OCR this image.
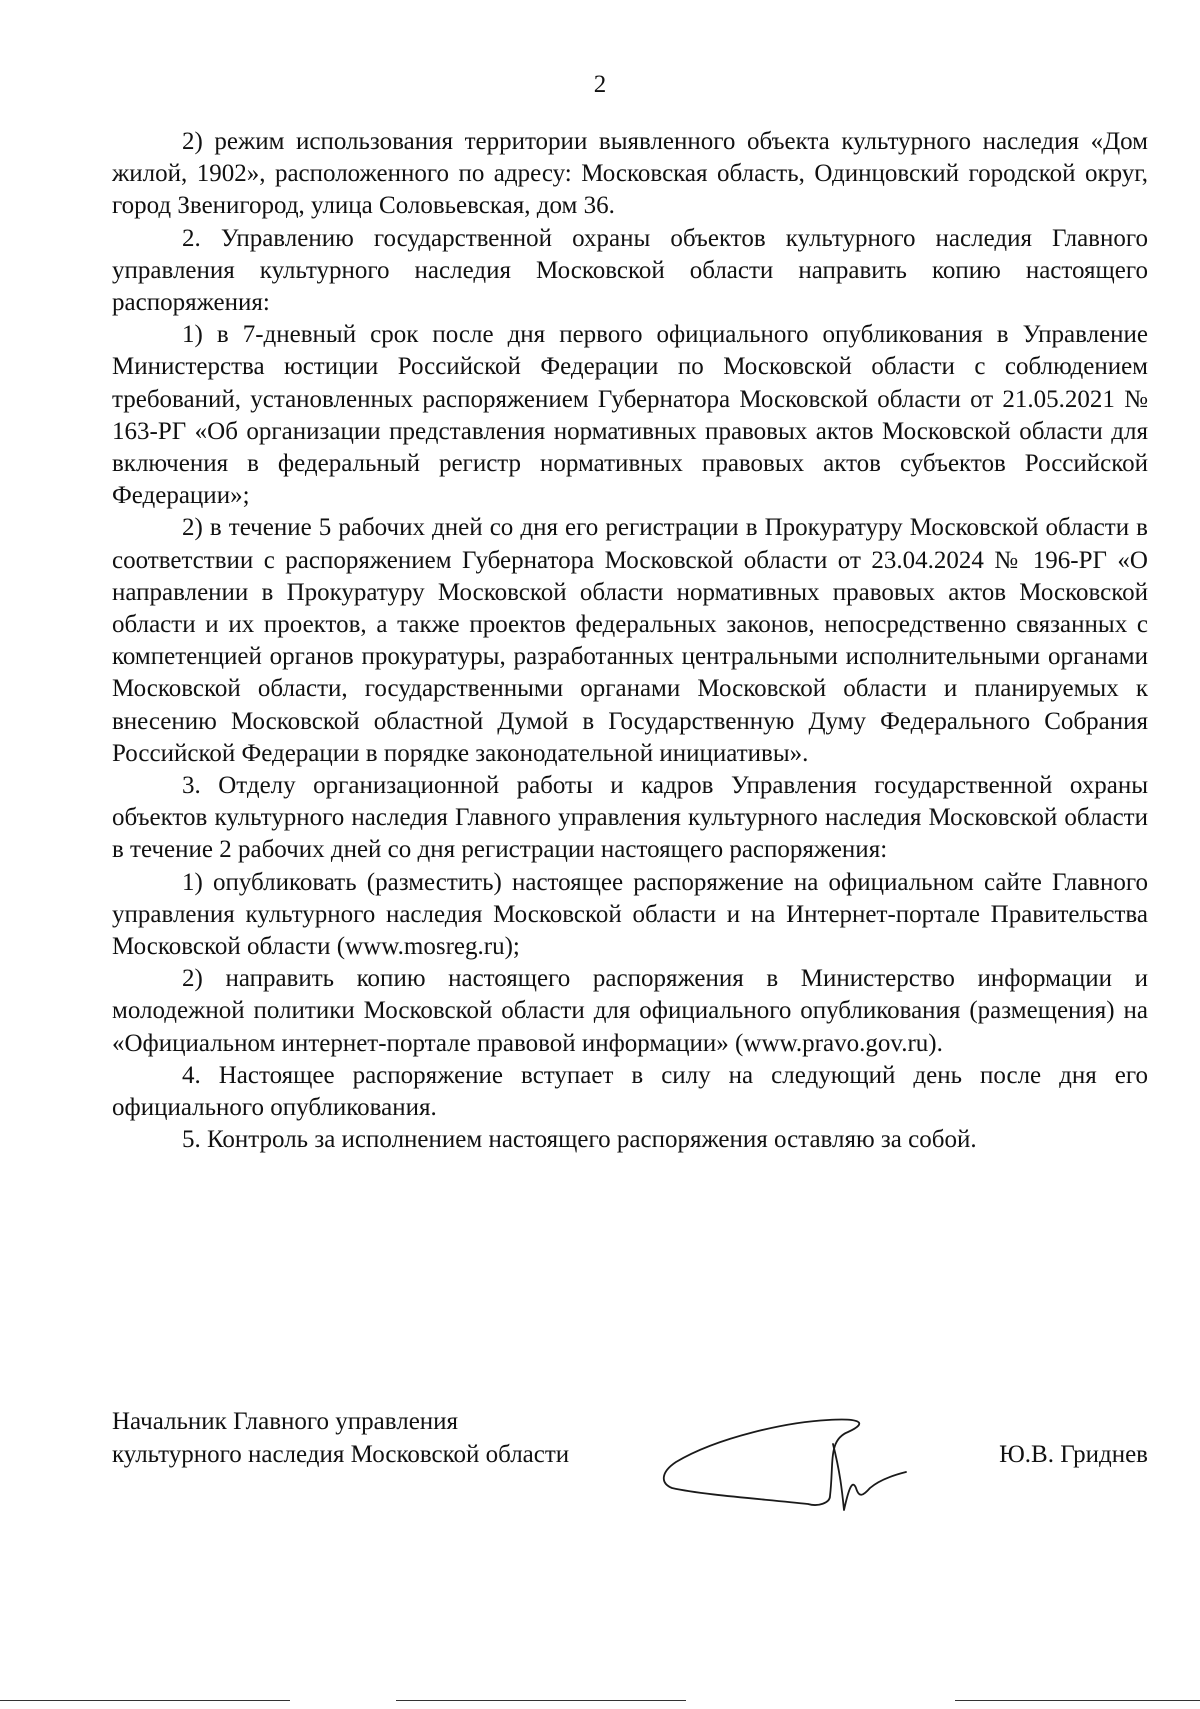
2

2) режим использования территории выявленного объекта культурного наследия «Дом жилой, 1902», расположенного по адресу: Московская область, Одинцовский городской округ, город Звенигород, улица Соловьевская, дом 36.

2. Управлению государственной охраны объектов культурного наследия Главного управления культурного наследия Московской области направить копию настоящего распоряжения:

1) в 7-дневный срок после дня первого официального опубликования в Управление Министерства юстиции Российской Федерации по Московской области с соблюдением требований, установленных распоряжением Губернатора Московской области от 21.05.2021 № 163-РГ «Об организации представления нормативных правовых актов Московской области для включения в федеральный регистр нормативных правовых актов субъектов Российской Федерации»;

2) в течение 5 рабочих дней со дня его регистрации в Прокуратуру Московской области в соответствии с распоряжением Губернатора Московской области от 23.04.2024 № 196-РГ «О направлении в Прокуратуру Московской области нормативных правовых актов Московской области и их проектов, а также проектов федеральных законов, непосредственно связанных с компетенцией органов прокуратуры, разработанных центральными исполнительными органами Московской области, государственными органами Московской области и планируемых к внесению Московской областной Думой в Государственную Думу Федерального Собрания Российской Федерации в порядке законодательной инициативы».

3. Отделу организационной работы и кадров Управления государственной охраны объектов культурного наследия Главного управления культурного наследия Московской области в течение 2 рабочих дней со дня регистрации настоящего распоряжения:

1) опубликовать (разместить) настоящее распоряжение на официальном сайте Главного управления культурного наследия Московской области и на Интернет-портале Правительства Московской области (www.mosreg.ru);

2) направить копию настоящего распоряжения в Министерство информации и молодежной политики Московской области для официального опубликования (размещения) на «Официальном интернет-портале правовой информации» (www.pravo.gov.ru).

4. Настоящее распоряжение вступает в силу на следующий день после дня его официального опубликования.

5. Контроль за исполнением настоящего распоряжения оставляю за собой.

Начальник Главного управления
культурного наследия Московской области	Ю.В. Гриднев
